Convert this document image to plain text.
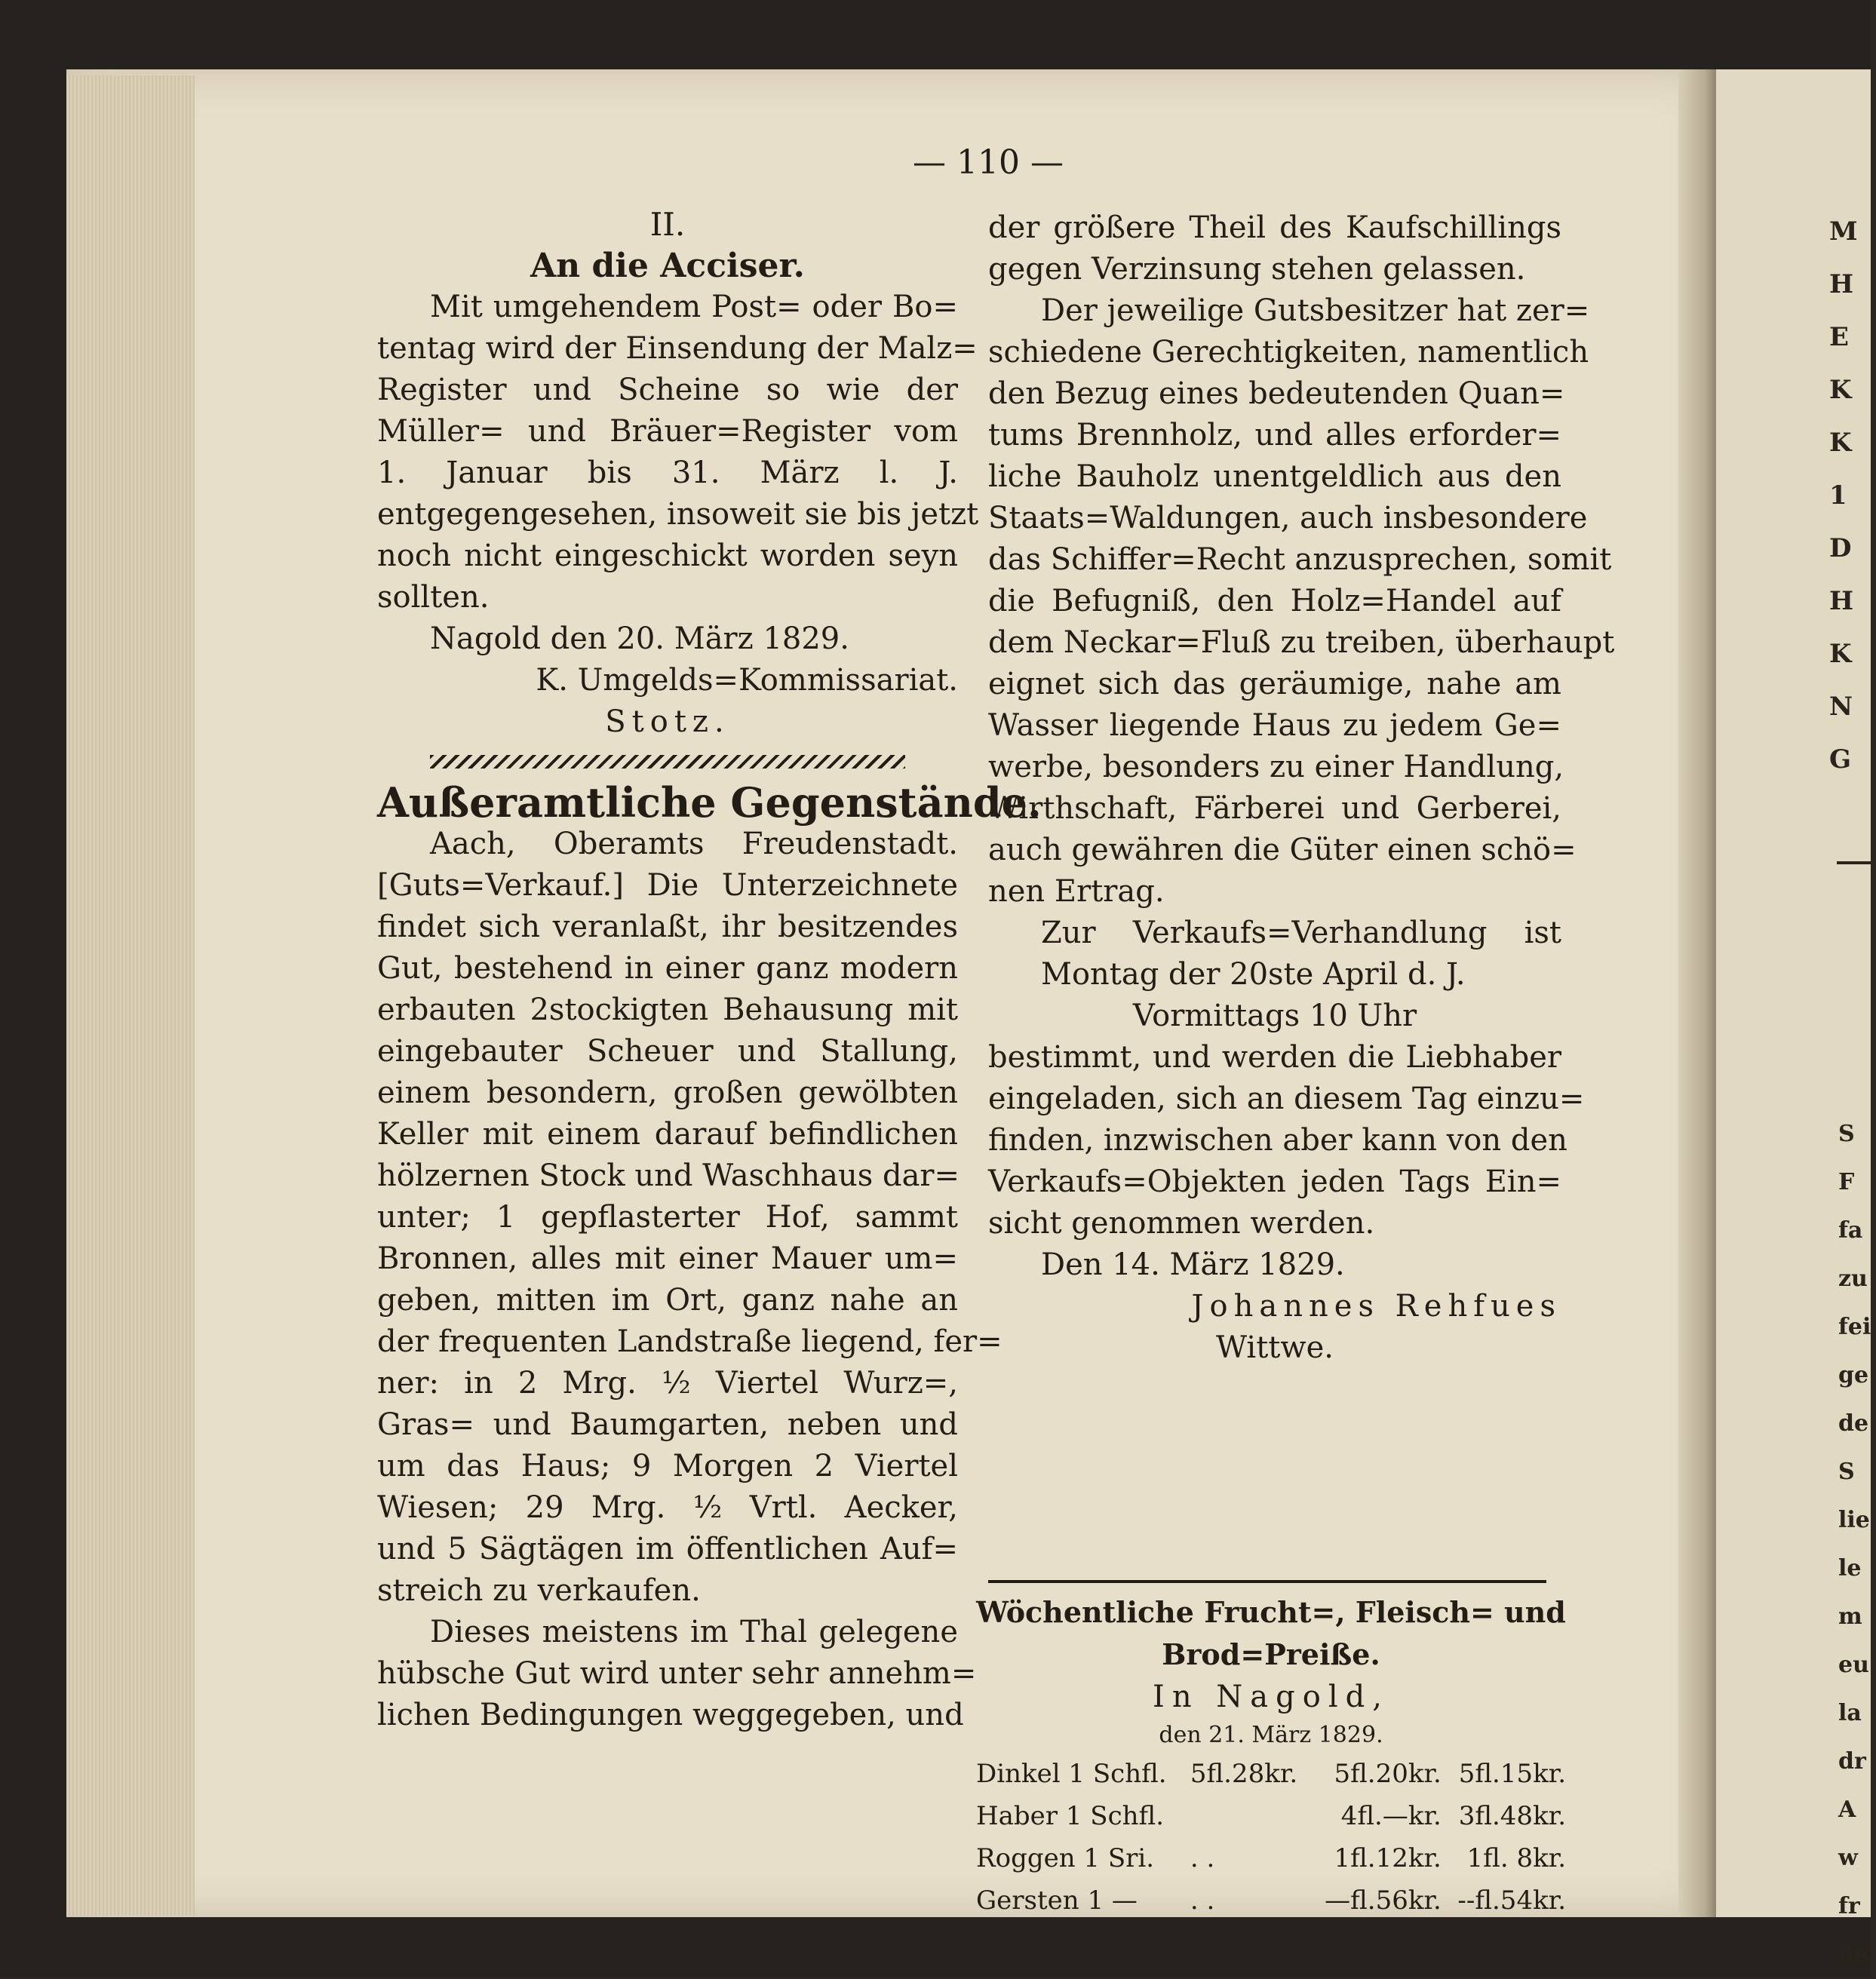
M
H
E
K
K
1
D
H
K
N
G
S
F
fa
zu
fei
ge
de
S
lie
le
m
eu
la
dr
A
w
fr
de
— 110 —
II.
An die Acciser.
Mit umgehendem Post= oder Bo=
tentag wird der Einsendung der Malz=
Register und Scheine so wie der
Müller= und Bräuer=Register vom
1. Januar bis 31. März l. J.
entgegengesehen, insoweit sie bis jetzt
noch nicht eingeschickt worden seyn
sollten.
Nagold den 20. März 1829.
K. Umgelds=Kommissariat.
Stotz.
Außeramtliche Gegenstände.
Aach, Oberamts Freudenstadt.
[Guts=Verkauf.] Die Unterzeichnete
findet sich veranlaßt, ihr besitzendes
Gut, bestehend in einer ganz modern
erbauten 2stockigten Behausung mit
eingebauter Scheuer und Stallung,
einem besondern, großen gewölbten
Keller mit einem darauf befindlichen
hölzernen Stock und Waschhaus dar=
unter; 1 gepflasterter Hof, sammt
Bronnen, alles mit einer Mauer um=
geben, mitten im Ort, ganz nahe an
der frequenten Landstraße liegend, fer=
ner: in 2 Mrg. ½ Viertel Wurz=,
Gras= und Baumgarten, neben und
um das Haus; 9 Morgen 2 Viertel
Wiesen; 29 Mrg. ½ Vrtl. Aecker,
und 5 Sägtägen im öffentlichen Auf=
streich zu verkaufen.
Dieses meistens im Thal gelegene
hübsche Gut wird unter sehr annehm=
lichen Bedingungen weggegeben, und
der größere Theil des Kaufschillings
gegen Verzinsung stehen gelassen.
Der jeweilige Gutsbesitzer hat zer=
schiedene Gerechtigkeiten, namentlich
den Bezug eines bedeutenden Quan=
tums Brennholz, und alles erforder=
liche Bauholz unentgeldlich aus den
Staats=Waldungen, auch insbesondere
das Schiffer=Recht anzusprechen, somit
die Befugniß, den Holz=Handel auf
dem Neckar=Fluß zu treiben, überhaupt
eignet sich das geräumige, nahe am
Wasser liegende Haus zu jedem Ge=
werbe, besonders zu einer Handlung,
Wirthschaft, Färberei und Gerberei,
auch gewähren die Güter einen schö=
nen Ertrag.
Zur Verkaufs=Verhandlung ist
Montag der 20ste April d. J.
Vormittags 10 Uhr
bestimmt, und werden die Liebhaber
eingeladen, sich an diesem Tag einzu=
finden, inzwischen aber kann von den
Verkaufs=Objekten jeden Tags Ein=
sicht genommen werden.
Den 14. März 1829.
Johannes Rehfues
Wittwe.
Wöchentliche Frucht=, Fleisch= und
Brod=Preiße.
In Nagold,
den 21. März 1829.
Dinkel 1 Schfl.	5fl.28kr.	5fl.20kr.	5fl.15kr.
Haber 1 Schfl.		4fl.—kr.	3fl.48kr.
Roggen 1 Sri.	. .	1fl.12kr.	1fl. 8kr.
Gersten 1 —	. .	—fl.56kr.	--fl.54kr.
